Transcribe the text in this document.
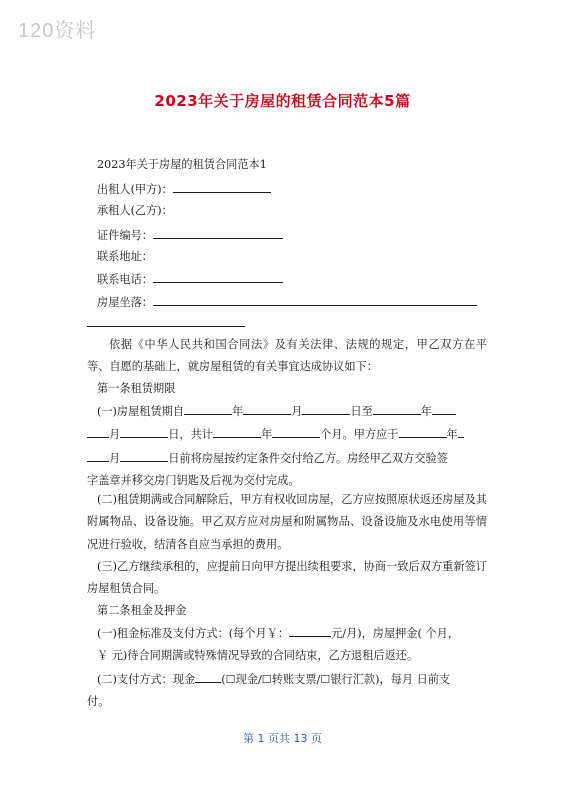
120资料
2023年关于房屋的租赁合同范本5篇
2023年关于房屋的租赁合同范本1
出租人(甲方)：
承租人(乙方)：
证件编号：
联系地址：
联系电话：
房屋坐落：
依据《中华人民共和国合同法》及有关法律、法规的规定，甲乙双方在平等、自愿的基础上，就房屋租赁的有关事宜达成协议如下：
第一条租赁期限
(一)房屋租赁期自	年	月	日至	年
月	日，共计	年	个月。甲方应于	年
月	日前将房屋按约定条件交付给乙方。房经甲乙双方交验签
字盖章并移交房门钥匙及后视为交付完成。
(二)租赁期满或合同解除后，甲方有权收回房屋，乙方应按照原状返还房屋及其附属物品、设备设施。甲乙双方应对房屋和附属物品、设备设施及水电使用等情况进行验收，结清各自应当承担的费用。
(三)乙方继续承租的，应提前日向甲方提出续租要求，协商一致后双方重新签订房屋租赁合同。
第二条租金及押金
(一)租金标准及支付方式：(每个月￥：	元/月)，房屋押金( 个月，
￥ 元)待合同期满或特殊情况导致的合同结束，乙方退租后返还。
(二)支付方式：现金 (☐现金/☐转账支票/☐银行汇款)，每月 日前支
付。
第 1 页共 13 页
